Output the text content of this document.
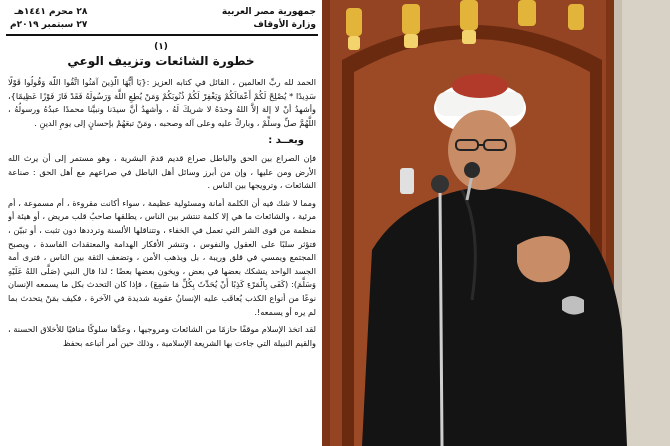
جمهورية مصر العربية
وزارة الأوقاف
٢٨ محرم ١٤٤١هـ
٢٧ سبتمبر ٢٠١٩م
(١)
خطورة الشائعات وتزييف الوعي

الحمد لله ربِّ العالمين ، القائل في كتابه العزيز :{يَا أَيُّهَا الَّذِينَ آمَنُوا اتَّقُوا اللَّهَ وَقُولُوا قَوْلًا سَدِيدًا * يُصْلِحْ لَكُمْ أَعْمَالَكُمْ وَيَغْفِرْ لَكُمْ ذُنُوبَكُمْ وَمَنْ يُطِعِ اللَّهَ وَرَسُولَهُ فَقَدْ فَازَ فَوْزًا عَظِيمًا}، وأشهدُ أنْ لا إلهَ إلاَّ اللهُ وحدَهُ لا شريكَ لَهُ ، وأشهدُ أنَّ سيدَنا ونبيَّنا محمدًا عبدُهُ ورسولُهُ ، اللَّهُمَّ صلِّ وسلِّمْ ، وباركْ عليه وعلى آله وصحبه ، ومَنْ تبعَهُمْ بإحسانٍ إلى يومِ الدينِ .

وبعــد :

فإن الصراع بين الحق والباطل صراع قديم قدمَ البشرية ، وهو مستمر إلى أن يرث الله الأرض ومن عليها ، وإن من أبرز وسائل أهل الباطل في صراعهم مع أهل الحق : صناعة الشائعات ، وترويجها بين الناس .

ومما لا شك فيه أن الكلمة أمانة ومسئولية عظيمة ، سواء أكانت مقروءة ، أم مسموعة ، أم مرئية ، والشائعات ما هي إلا كلمة تنتشر بين الناس ، يطلقها صاحبُ قلب مريض ، أو هيئة أو منظمة من قوى الشر التي تعمل في الخفاء ، وتتناقلها الألسنة وترددها دون تثبت ، أو تبيّن ، فتؤثر سلبًا على العقول والنفوس ، وتنشر الأفكار الهدامة والمعتقدات الفاسدة ، ويصبح المجتمع ويمسي في قلق وريبة ، بل ويذهب الأمن ، وتضعف الثقة بين الناس ، فترى أمة الجسد الواحد يتشكك بعضها في بعض ، ويخون بعضها بعضًا ؛ لذا قال النبي (صَلَّى اللهُ عَلَيْهِ وَسَلَّمَ): (كَفَى بِالْمَرْءِ كَذِبًا أَنْ يُحَدِّثَ بِكُلِّ مَا سَمِعَ) ، فإذا كان التحدث بكل ما يسمعه الإنسان نوعًا من أنواع الكذب يُعاقَب عليه الإنسانُ عقوبة شديدة في الآخرة ، فكيف بمَنْ يتحدث بما لم يره أو يسمعه!.

لقد اتخذ الإسلام موقفًا حازمًا من الشائعات ومروجيها ، وعدَّها سلوكًا منافيًا للأخلاق الحسنة ، والقيم النبيلة التي جاءت بها الشريعة الإسلامية ، وذلك حين أمر أتباعه بحفظ
